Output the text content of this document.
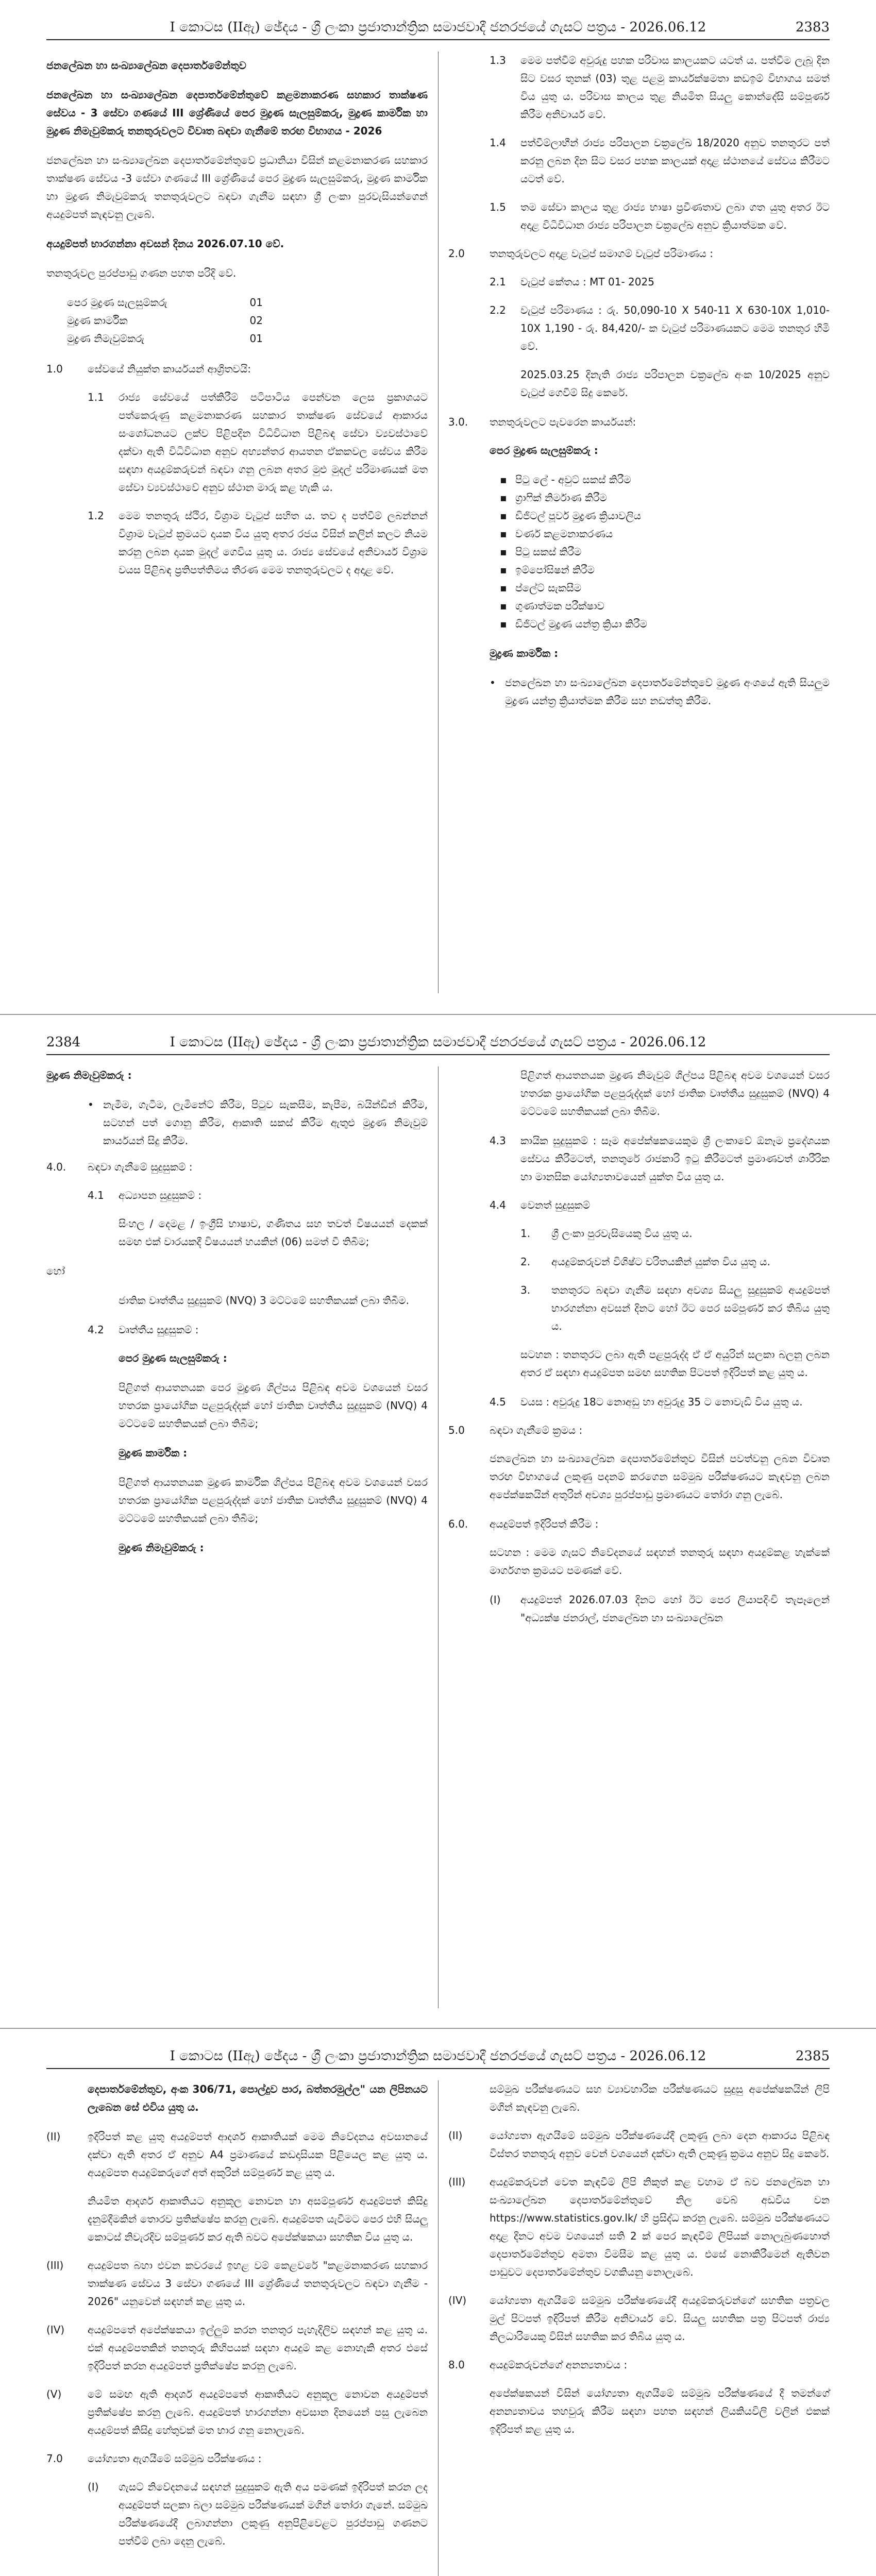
I කොටස (IIඇ) ඡේදය - ශ්‍රී ලංකා ප්‍රජාතාන්ත්‍රික සමාජවාදී ජනරජයේ ගැසට් පත්‍රය - 2026.06.12	2383

ජනලේඛන හා සංඛ්‍යාලේඛන දෙපාර්තමේන්තුව

ජනලේඛන හා සංඛ්‍යාලේඛන දෙපාර්තමේන්තුවේ කළමනාකරණ සහකාර තාක්ෂණ සේවය - 3 සේවා ගණයේ III ශ්‍රේණියේ පෙර මුද්‍රණ සැලසුම්කරු, මුද්‍රණ කාර්මික හා මුද්‍රණ නිමැවුම්කරු තනතුරුවලට විවෘත බඳවා ගැනීමේ තරඟ විභාගය - 2026

ජනලේඛන හා සංඛ්‍යාලේඛන දෙපාර්තමේන්තුවේ ප්‍රධානියා විසින් කළමනාකරණ සහකාර තාක්ෂණ සේවය -3 සේවා ගණයේ III ශ්‍රේණියේ පෙර මුද්‍රණ සැලසුම්කරු, මුද්‍රණ කාර්මික හා මුද්‍රණ නිමැවුම්කරු තනතුරුවලට බඳවා ගැනීම සඳහා ශ්‍රී ලංකා පුරවැසියන්ගෙන් අයදුම්පත් කැඳවනු ලැබේ.

අයදුම්පත් භාරගන්නා අවසන් දිනය 2026.07.10 වේ.

තනතුරුවල පුරප්පාඩු ගණන පහත පරිදි වේ.

පෙර මුද්‍රණ සැලසුම්කරු	01
මුද්‍රණ කාර්මික	02
මුද්‍රණ නිමැවුම්කරු	01
1.0	සේවයේ නියුක්ත කාර්යයන් ආශ්‍රිතවයි:
1.1	රාජ්‍ය සේවයේ පත්කිරීම් පටිපාටිය පෙන්වන ලෙස ප්‍රකාශයට පත්කෙරුණු කළමනාකරණ සහකාර තාක්ෂණ සේවයේ ආකාරය සංශෝධනයට ලක්ව පිළිපදින විධිවිධාන පිළිබඳ සේවා ව්‍යවස්ථාවේ දක්වා ඇති විධිවිධාන අනුව අභ්‍යන්තර ආයතන ඒකකවල සේවය කිරීම සඳහා අයදුම්කරුවන් බඳවා ගනු ලබන අතර මුළු මුදල් පරිමාණයක් මත සේවා ව්‍යවස්ථාවේ අනුව ස්ථාන මාරු කළ හැකි ය.
1.2	මෙම තනතුරු ස්ථිර, විශ්‍රාම වැටුප් සහිත ය. තව ද පත්වීම් ලබන්නන් විශ්‍රාම වැටුප් ක්‍රමයට දායක විය යුතු අතර රජය විසින් කලින් කලට නියම කරනු ලබන දායක මුදල් ගෙවිය යුතු ය. රාජ්‍ය සේවයේ අනිවාර්ය විශ්‍රාම වයස පිළිබඳ ප්‍රතිපත්තිමය තීරණ මෙම තනතුරුවලට ද අදාළ වේ.
1.3	මෙම පත්වීම් අවුරුදු පහක පරිවාස කාලයකට යටත් ය. පත්වීම ලැබූ දින සිට වසර තුනක් (03) තුළ පළමු කාර්යක්ෂමතා කඩඉම් විභාගය සමත් විය යුතු ය. පරිවාස කාලය තුළ නියමිත සියලු කොන්දේසි සම්පූර්ණ කිරීම අනිවාර්ය වේ.
1.4	පත්වීම්ලාභීන් රාජ්‍ය පරිපාලන චක්‍රලේඛ 18/2020 අනුව තනතුරට පත් කරනු ලබන දින සිට වසර පහක කාලයක් අදාළ ස්ථානයේ සේවය කිරීමට යටත් වේ.
1.5	තම සේවා කාලය තුළ රාජ්‍ය භාෂා ප්‍රවීණතාව ලබා ගත යුතු අතර ඊට අදාළ විධිවිධාන රාජ්‍ය පරිපාලන චක්‍රලේඛ අනුව ක්‍රියාත්මක වේ.
2.0	තනතුරුවලට අදාළ වැටුප් සමාගම් වැටුප් පරිමාණය :
2.1	වැටුප් කේතය : MT 01- 2025
2.2	වැටුප් පරිමාණය : රු. 50,090-10 X 540-11 X 630-10X 1,010-10X 1,190 - රු. 84,420/- ක වැටුප් පරිමාණයකට මෙම තනතුර හිමි වේ.

2025.03.25 දිනැති රාජ්‍ය පරිපාලන චක්‍රලේඛ අංක 10/2025 අනුව වැටුප් ගෙවීම් සිදු කෙරේ.

3.0.	තනතුරුවලට පැවරෙන කාර්යයන්:

පෙර මුද්‍රණ සැලසුම්කරු :

▪ පිටු ලේ - අවුට් සකස් කිරීම
▪ ග්‍රාෆික් නිර්මාණ කිරීම
▪ ඩිජිටල් පූර්ව මුද්‍රණ ක්‍රියාවලිය
▪ වර්ණ කළමනාකරණය
▪ පිටු සකස් කිරීම
▪ ඉම්පෝසිෂන් කිරීම
▪ ප්ලේට් සැකසීම
▪ ගුණාත්මක පරීක්ෂාව
▪ ඩිජිටල් මුද්‍රණ යන්ත්‍ර ක්‍රියා කිරීම

මුද්‍රණ කාර්මික :

• ජනලේඛන හා සංඛ්‍යාලේඛන දෙපාර්තමේන්තුවේ මුද්‍රණ අංශයේ ඇති සියලුම මුද්‍රණ යන්ත්‍ර ක්‍රියාත්මක කිරීම සහ නඩත්තු කිරීම.

2384	I කොටස (IIඇ) ඡේදය - ශ්‍රී ලංකා ප්‍රජාතාන්ත්‍රික සමාජවාදී ජනරජයේ ගැසට් පත්‍රය - 2026.06.12

මුද්‍රණ නිමැවුම්කරු :

• නැමීම, ගැටීම, ලැමිනේට් කිරීම, පිටුව සැකසීම, කැපීම, බයින්ඩින් කිරීම, සටහන් පත් ගොනු කිරීම, ආකෘති සකස් කිරීම ඇතුළු මුද්‍රණ නිමැවුම් කාර්යයන් සිදු කිරීම.

4.0.	බඳවා ගැනීමේ සුදුසුකම් :
4.1	අධ්‍යාපන සුදුසුකම් :

සිංහල / දෙමළ / ඉංග්‍රීසි භාෂාව, ගණිතය සහ තවත් විෂයයන් දෙකක් සමඟ එක් වාරයකදී විෂයයන් හයකින් (06) සමත් වී තිබීම;

හෝ

ජාතික වෘත්තීය සුදුසුකම් (NVQ) 3 මට්ටමේ සහතිකයක් ලබා තිබීම.

4.2	වෘත්තීය සුදුසුකම් :

පෙර මුද්‍රණ සැලසුම්කරු :

පිළිගත් ආයතනයක පෙර මුද්‍රණ ශිල්පය පිළිබඳ අවම වශයෙන් වසර හතරක ප්‍රායෝගික පළපුරුද්දක් හෝ ජාතික වෘත්තීය සුදුසුකම් (NVQ) 4 මට්ටමේ සහතිකයක් ලබා තිබීම;

මුද්‍රණ කාර්මික :

පිළිගත් ආයතනයක මුද්‍රණ කාර්මික ශිල්පය පිළිබඳ අවම වශයෙන් වසර හතරක ප්‍රායෝගික පළපුරුද්දක් හෝ ජාතික වෘත්තීය සුදුසුකම් (NVQ) 4 මට්ටමේ සහතිකයක් ලබා තිබීම;

මුද්‍රණ නිමැවුම්කරු :

පිළිගත් ආයතනයක මුද්‍රණ නිමැවුම් ශිල්පය පිළිබඳ අවම වශයෙන් වසර හතරක ප්‍රායෝගික පළපුරුද්දක් හෝ ජාතික වෘත්තීය සුදුසුකම් (NVQ) 4 මට්ටමේ සහතිකයක් ලබා තිබීම.

4.3	කායික සුදුසුකම් : සෑම අපේක්ෂකයෙකුම ශ්‍රී ලංකාවේ ඕනෑම ප්‍රදේශයක සේවය කිරීමටත්, තනතුරේ රාජකාරි ඉටු කිරීමටත් ප්‍රමාණවත් ශාරීරික හා මානසික යෝග්‍යතාවයෙන් යුක්ත විය යුතු ය.
4.4	වෙනත් සුදුසුකම්
1.	ශ්‍රී ලංකා පුරවැසියෙකු විය යුතු ය.
2.	අයදුම්කරුවන් විශිෂ්ට චරිතයකින් යුක්ත විය යුතු ය.
3.	තනතුරට බඳවා ගැනීම සඳහා අවශ්‍ය සියලු සුදුසුකම් අයදුම්පත් භාරගන්නා අවසන් දිනට හෝ ඊට පෙර සම්පූර්ණ කර තිබිය යුතු ය.

සටහන : තනතුරට ලබා ඇති පළපුරුද්ද ඒ ඒ අයුරින් සලකා බලනු ලබන අතර ඒ සඳහා අයදුම්පත සමඟ සහතික පිටපත් ඉදිරිපත් කළ යුතු ය.

4.5	වයස : අවුරුදු 18ට නොඅඩු හා අවුරුදු 35 ට නොවැඩි විය යුතු ය.
5.0	බඳවා ගැනීමේ ක්‍රමය :

ජනලේඛන හා සංඛ්‍යාලේඛන දෙපාර්තමේන්තුව විසින් පවත්වනු ලබන විවෘත තරඟ විභාගයේ ලකුණු පදනම් කරගෙන සම්මුඛ පරීක්ෂණයට කැඳවනු ලබන අපේක්ෂකයින් අතුරින් අවශ්‍ය පුරප්පාඩු ප්‍රමාණයට තෝරා ගනු ලැබේ.

6.0.	අයදුම්පත් ඉදිරිපත් කිරීම :

සටහන : මෙම ගැසට් නිවේදනයේ සඳහන් තනතුරු සඳහා අයදුම්කළ හැක්කේ මාර්ගගත ක්‍රමයට පමණක් වේ.

(I)	අයදුම්පත් 2026.07.03 දිනට හෝ ඊට පෙර ලියාපදිංචි තැපෑලෙන් "අධ්‍යක්ෂ ජනරාල්, ජනලේඛන හා සංඛ්‍යාලේඛන
I කොටස (IIඇ) ඡේදය - ශ්‍රී ලංකා ප්‍රජාතාන්ත්‍රික සමාජවාදී ජනරජයේ ගැසට් පත්‍රය - 2026.06.12	2385

දෙපාර්තමේන්තුව, අංක 306/71, පොල්දුව පාර, බත්තරමුල්ල" යන ලිපිනයට ලැබෙන සේ එවිය යුතු ය.

(II)	ඉදිරිපත් කළ යුතු අයදුම්පත් ආදර්ශ ආකෘතියක් මෙම නිවේදනය අවසානයේ දක්වා ඇති අතර ඒ අනුව A4 ප්‍රමාණයේ කඩදාසියක පිළියෙල කළ යුතු ය. අයදුම්පත අයදුම්කරුගේ අත් අකුරින් සම්පූර්ණ කළ යුතු ය.
නියමිත ආදර්ශ ආකෘතියට අනුකූල නොවන හා අසම්පූර්ණ අයදුම්පත් කිසිදු දැනුම්දීමකින් තොරව ප්‍රතික්ෂේප කරනු ලැබේ. අයදුම්පත යැවීමට පෙර එහි සියලු කොටස් නිවැරදිව සම්පූර්ණ කර ඇති බවට අපේක්ෂකයා සහතික විය යුතු ය.
(III)	අයදුම්පත බහා එවන කවරයේ ඉහළ වම් කෙළවරේ "කළමනාකරණ සහකාර තාක්ෂණ සේවය 3 සේවා ගණයේ III ශ්‍රේණියේ තනතුරුවලට බඳවා ගැනීම - 2026" යනුවෙන් සඳහන් කළ යුතු ය.
(IV)	අයදුම්පතේ අපේක්ෂකයා ඉල්ලුම් කරන තනතුර පැහැදිලිව සඳහන් කළ යුතු ය. එක් අයදුම්පතකින් තනතුරු කිහිපයක් සඳහා අයදුම් කළ නොහැකි අතර එසේ ඉදිරිපත් කරන අයදුම්පත් ප්‍රතික්ෂේප කරනු ලැබේ.
(V)	මේ සමඟ ඇති ආදර්ශ අයදුම්පතේ ආකෘතියට අනුකූල නොවන අයදුම්පත් ප්‍රතික්ෂේප කරනු ලැබේ. අයදුම්පත් භාරගන්නා අවසාන දිනයෙන් පසු ලැබෙන අයදුම්පත් කිසිදු හේතුවක් මත භාර ගනු නොලැබේ.
7.0	යෝග්‍යතා ඇගයීමේ සම්මුඛ පරීක්ෂණය :
(I)	ගැසට් නිවේදනයේ සඳහන් සුදුසුකම් ඇති අය පමණක් ඉදිරිපත් කරන ලද අයදුම්පත් සලකා බලා සම්මුඛ පරීක්ෂණයක් මගින් තෝරා ගැනේ. සම්මුඛ පරීක්ෂණයේදී ලබාගන්නා ලකුණු අනුපිළිවෙළට පුරප්පාඩු ගණනට පත්වීම් ලබා දෙනු ලැබේ.
සම්මුඛ පරීක්ෂණයට සහ ව්‍යාවහාරික පරීක්ෂණයට සුදුසු අපේක්ෂකයින් ලිපි මගින් කැඳවනු ලැබේ.
(II)	යෝග්‍යතා ඇගයීමේ සම්මුඛ පරීක්ෂණයේදී ලකුණු ලබා දෙන ආකාරය පිළිබඳ විස්තර තනතුරු අනුව වෙන් වශයෙන් දක්වා ඇති ලකුණු ක්‍රමය අනුව සිදු කෙරේ.
(III)	අයදුම්කරුවන් වෙත කැඳවීම් ලිපි නිකුත් කළ වහාම ඒ බව ජනලේඛන හා සංඛ්‍යාලේඛන දෙපාර්තමේන්තුවේ නිල වෙබ් අඩවිය වන https://www.statistics.gov.lk/ හි ප්‍රසිද්ධ කරනු ලැබේ. සම්මුඛ පරීක්ෂණයට අදාළ දිනට අවම වශයෙන් සති 2 ක් පෙර කැඳවීම් ලිපියක් නොලැබුණහොත් දෙපාර්තමේන්තුව අමතා විමසීම කළ යුතු ය. එසේ නොකිරීමෙන් ඇතිවන පාඩුවට දෙපාර්තමේන්තුව වගකියනු නොලැබේ.
(IV)	යෝග්‍යතා ඇගයීමේ සම්මුඛ පරීක්ෂණයේදී අයදුම්කරුවන්ගේ සහතික පත්‍රවල මුල් පිටපත් ඉදිරිපත් කිරීම අනිවාර්ය වේ. සියලු සහතික පත්‍ර පිටපත් රාජ්‍ය නිලධාරියෙකු විසින් සහතික කර තිබිය යුතු ය.
8.0	අයදුම්කරුවන්ගේ අනන්‍යතාවය :

අපේක්ෂකයන් විසින් යෝග්‍යතා ඇගයීමේ සම්මුඛ පරීක්ෂණයේ දී තමන්ගේ අනන්‍යතාවය තහවුරු කිරීම සඳහා පහත සඳහන් ලියකියවිලි වලින් එකක් ඉදිරිපත් කළ යුතු ය.
